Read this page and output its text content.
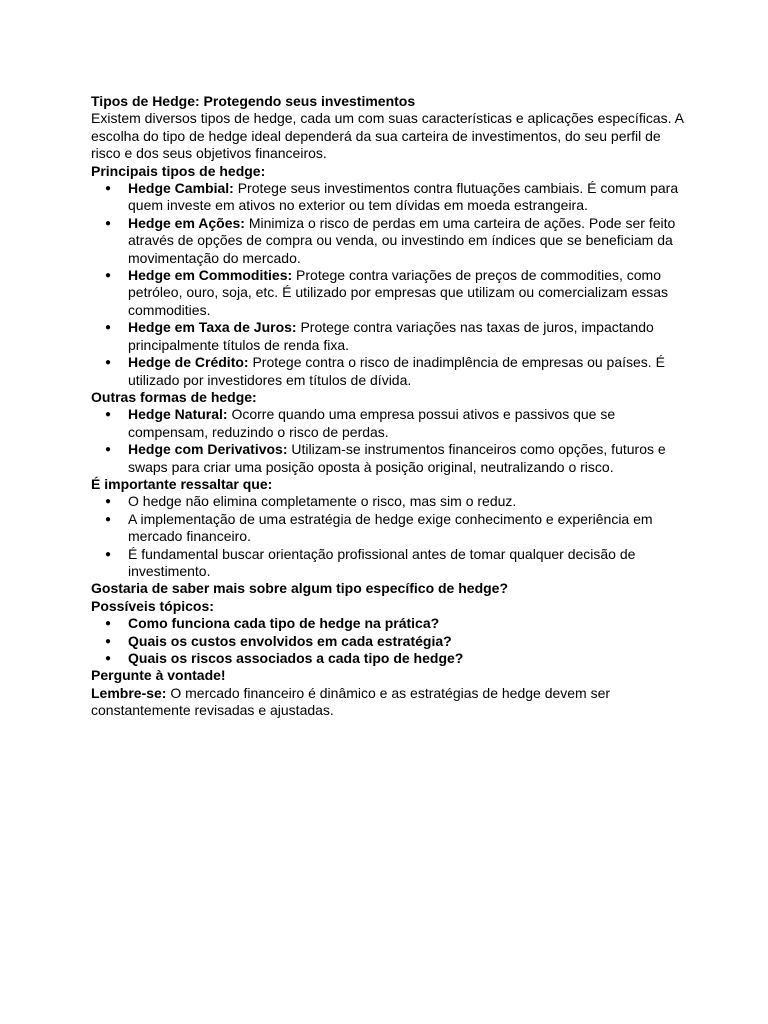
Tipos de Hedge: Protegendo seus investimentos

Existem diversos tipos de hedge, cada um com suas características e aplicações específicas. A escolha do tipo de hedge ideal dependerá da sua carteira de investimentos, do seu perfil de risco e dos seus objetivos financeiros.

Principais tipos de hedge:

● Hedge Cambial: Protege seus investimentos contra flutuações cambiais. É comum para quem investe em ativos no exterior ou tem dívidas em moeda estrangeira.
● Hedge em Ações: Minimiza o risco de perdas em uma carteira de ações. Pode ser feito através de opções de compra ou venda, ou investindo em índices que se beneficiam da movimentação do mercado.
● Hedge em Commodities: Protege contra variações de preços de commodities, como petróleo, ouro, soja, etc. É utilizado por empresas que utilizam ou comercializam essas commodities.
● Hedge em Taxa de Juros: Protege contra variações nas taxas de juros, impactando principalmente títulos de renda fixa.
● Hedge de Crédito: Protege contra o risco de inadimplência de empresas ou países. É utilizado por investidores em títulos de dívida.

Outras formas de hedge:

● Hedge Natural: Ocorre quando uma empresa possui ativos e passivos que se compensam, reduzindo o risco de perdas.
● Hedge com Derivativos: Utilizam-se instrumentos financeiros como opções, futuros e swaps para criar uma posição oposta à posição original, neutralizando o risco.

É importante ressaltar que:

● O hedge não elimina completamente o risco, mas sim o reduz.
● A implementação de uma estratégia de hedge exige conhecimento e experiência em mercado financeiro.
● É fundamental buscar orientação profissional antes de tomar qualquer decisão de investimento.

Gostaria de saber mais sobre algum tipo específico de hedge?

Possíveis tópicos:

● Como funciona cada tipo de hedge na prática?
● Quais os custos envolvidos em cada estratégia?
● Quais os riscos associados a cada tipo de hedge?

Pergunte à vontade!

Lembre-se: O mercado financeiro é dinâmico e as estratégias de hedge devem ser constantemente revisadas e ajustadas.
